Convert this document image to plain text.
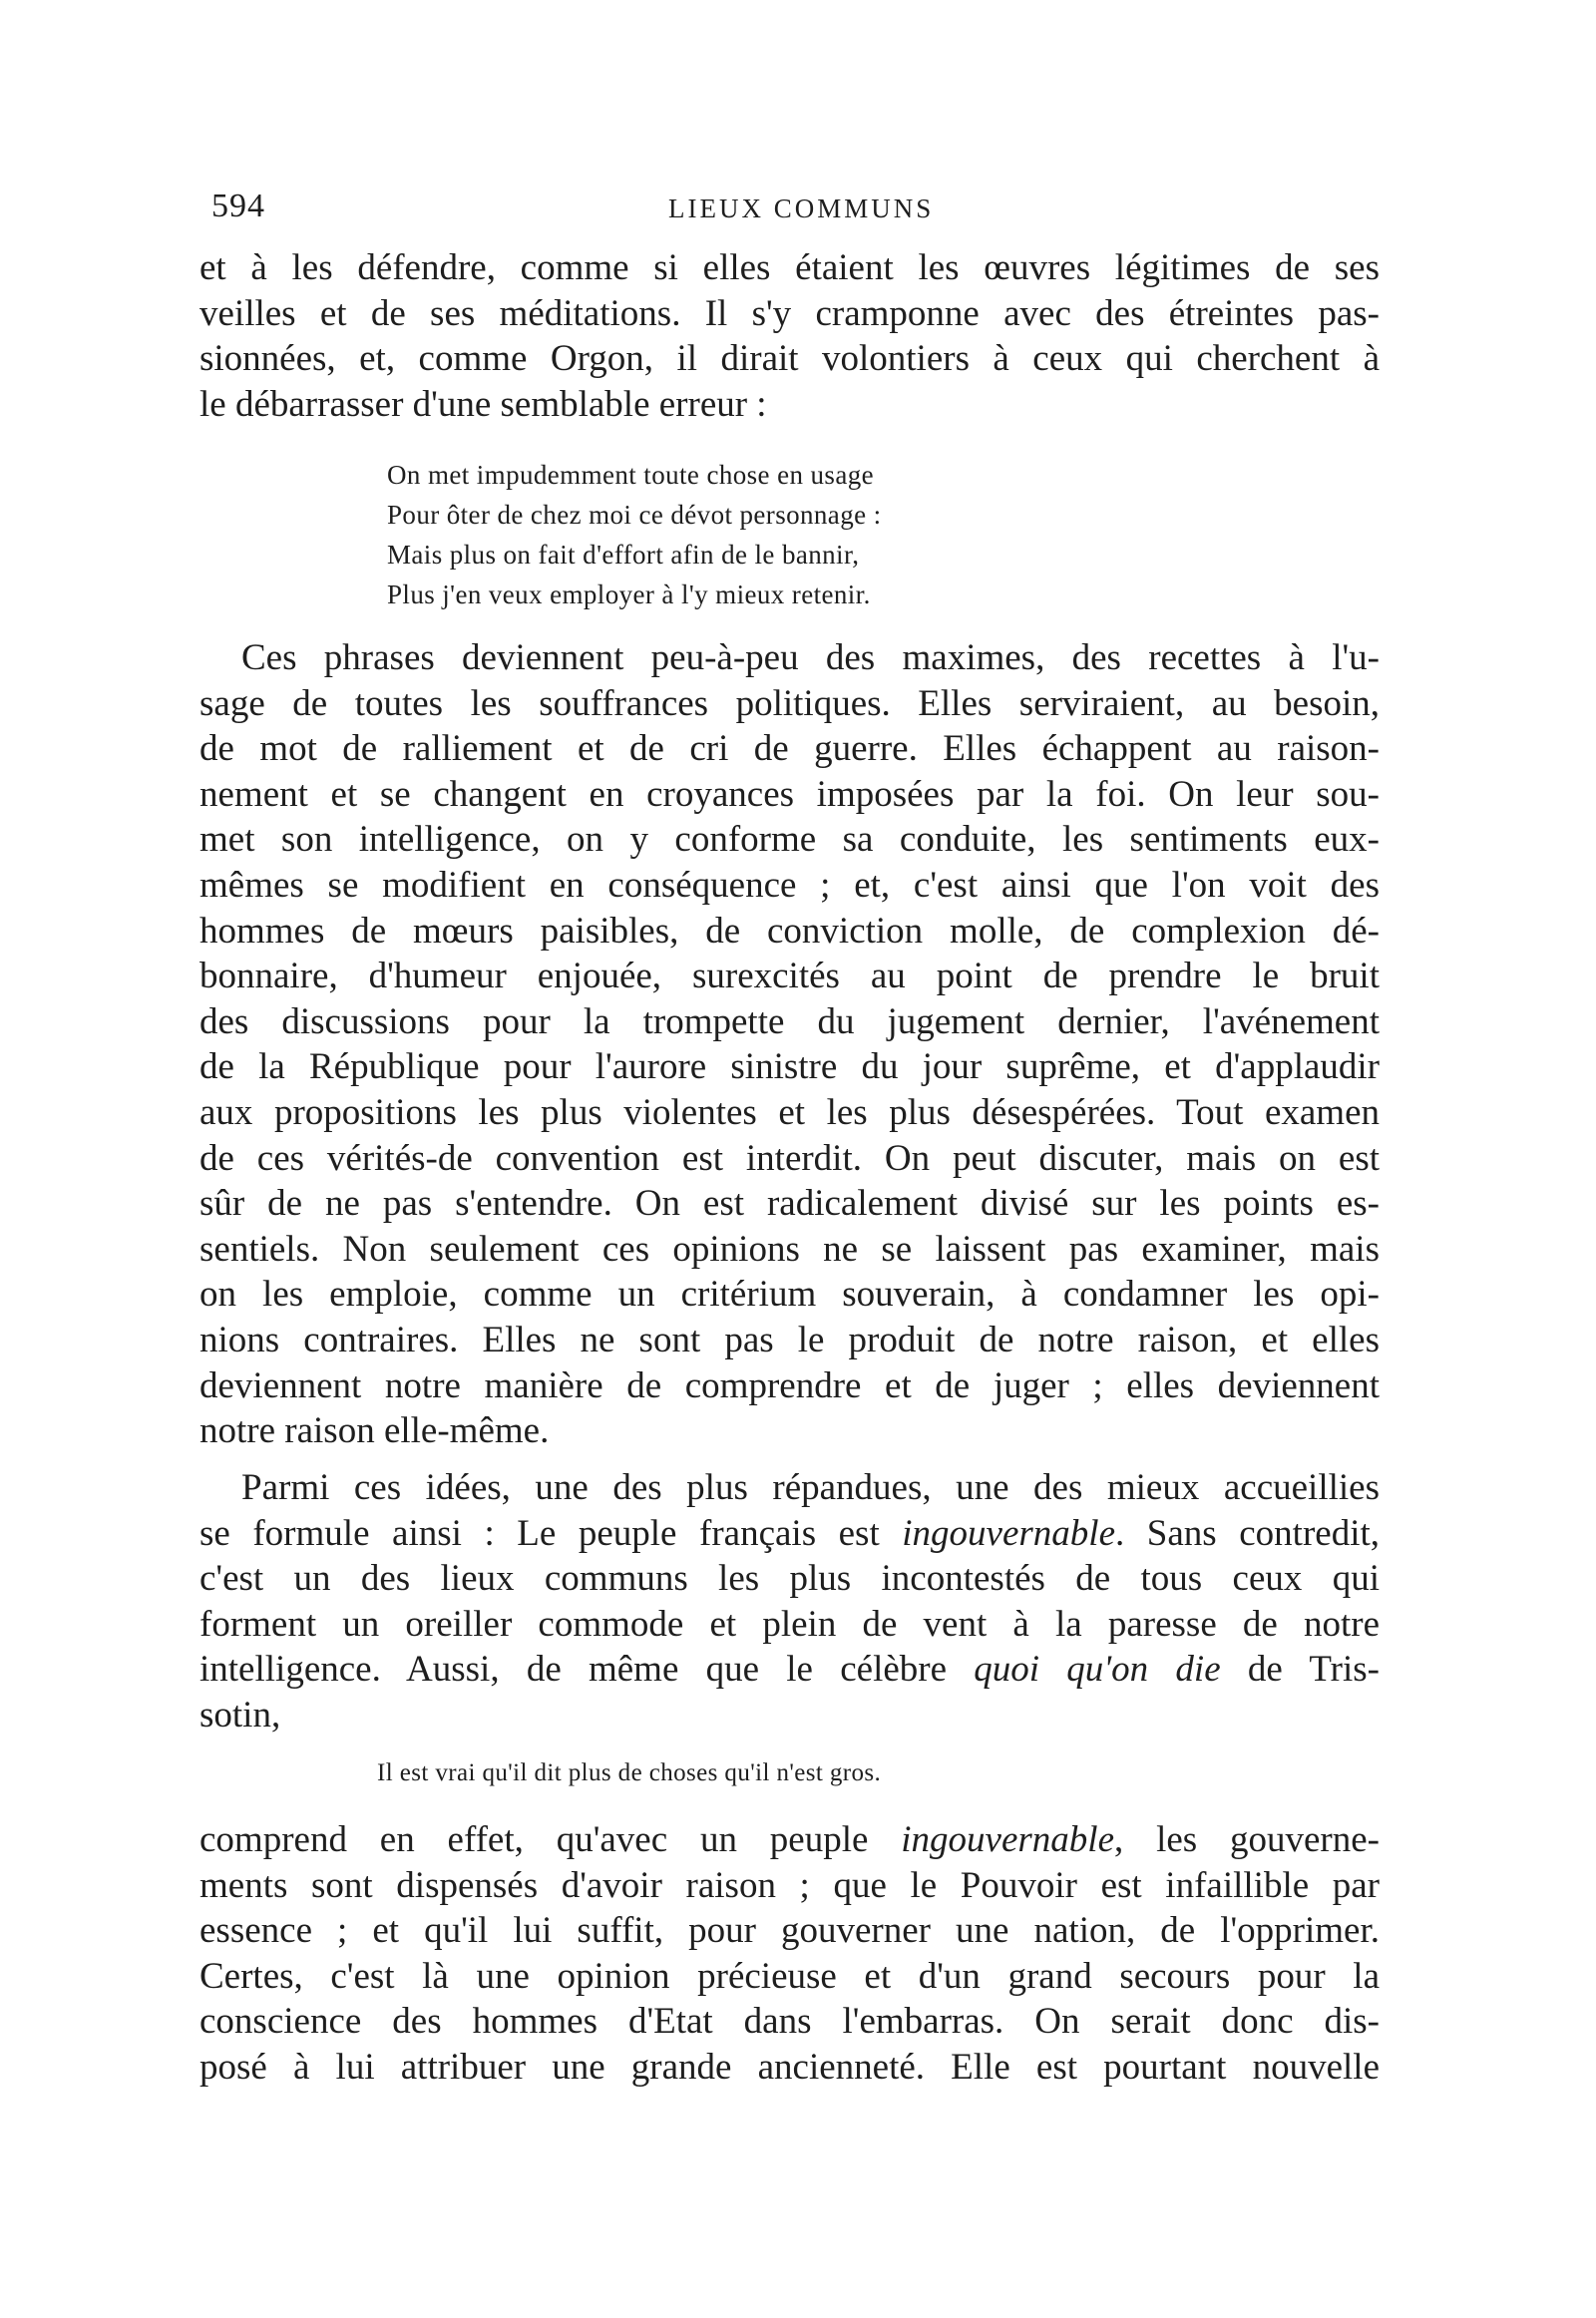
594	LIEUX COMMUNS
et à les défendre, comme si elles étaient les œuvres légitimes de ses
veilles et de ses méditations. Il s'y cramponne avec des étreintes pas-
sionnées, et, comme Orgon, il dirait volontiers à ceux qui cherchent à
le débarrasser d'une semblable erreur :
On met impudemment toute chose en usage
Pour ôter de chez moi ce dévot personnage :
Mais plus on fait d'effort afin de le bannir,
Plus j'en veux employer à l'y mieux retenir.
Ces phrases deviennent peu-à-peu des maximes, des recettes à l'u-
sage de toutes les souffrances politiques. Elles serviraient, au besoin,
de mot de ralliement et de cri de guerre. Elles échappent au raison-
nement et se changent en croyances imposées par la foi. On leur sou-
met son intelligence, on y conforme sa conduite, les sentiments eux-
mêmes se modifient en conséquence ; et, c'est ainsi que l'on voit des
hommes de mœurs paisibles, de conviction molle, de complexion dé-
bonnaire, d'humeur enjouée, surexcités au point de prendre le bruit
des discussions pour la trompette du jugement dernier, l'avénement
de la République pour l'aurore sinistre du jour suprême, et d'applaudir
aux propositions les plus violentes et les plus désespérées. Tout examen
de ces vérités-de convention est interdit. On peut discuter, mais on est
sûr de ne pas s'entendre. On est radicalement divisé sur les points es-
sentiels. Non seulement ces opinions ne se laissent pas examiner, mais
on les emploie, comme un critérium souverain, à condamner les opi-
nions contraires. Elles ne sont pas le produit de notre raison, et elles
deviennent notre manière de comprendre et de juger ; elles deviennent
notre raison elle-même.
Parmi ces idées, une des plus répandues, une des mieux accueillies
se formule ainsi : Le peuple français est ingouvernable. Sans contredit,
c'est un des lieux communs les plus incontestés de tous ceux qui
forment un oreiller commode et plein de vent à la paresse de notre
intelligence. Aussi, de même que le célèbre quoi qu'on die de Tris-
sotin,
Il est vrai qu'il dit plus de choses qu'il n'est gros.
comprend en effet, qu'avec un peuple ingouvernable, les gouverne-
ments sont dispensés d'avoir raison ; que le Pouvoir est infaillible par
essence ; et qu'il lui suffit, pour gouverner une nation, de l'opprimer.
Certes, c'est là une opinion précieuse et d'un grand secours pour la
conscience des hommes d'Etat dans l'embarras. On serait donc dis-
posé à lui attribuer une grande ancienneté. Elle est pourtant nouvelle
